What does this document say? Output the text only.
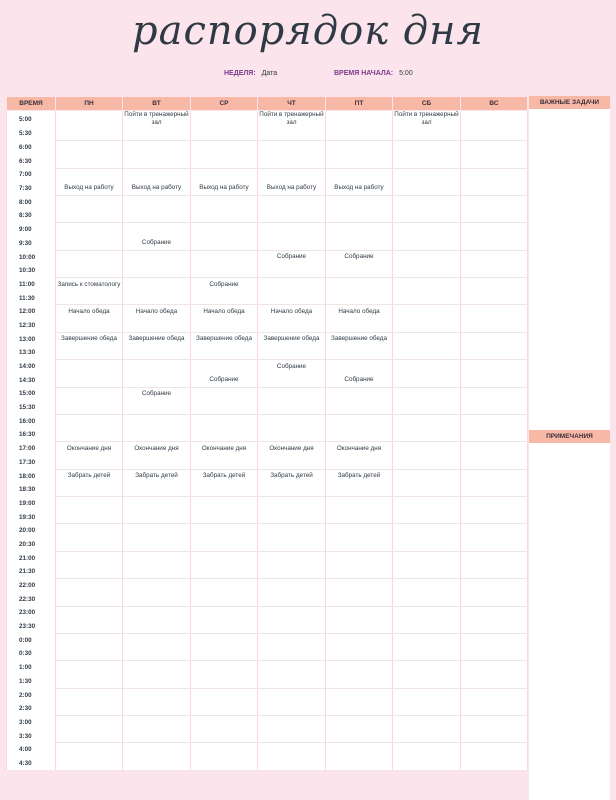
распорядок дня
НЕДЕЛЯ: Дата	ВРЕМЯ НАЧАЛА: 5:00
ВРЕМЯ	ПН	ВТ	СР	ЧТ	ПТ	СБ	ВС
5:00		Пойти в тренажерный зал		Пойти в тренажерный зал		Пойти в тренажерный зал	

5:30							
6:00							
6:30							
7:00							
7:30	Выход на работу	Выход на работу	Выход на работу	Выход на работу	Выход на работу		

8:00							
8:30							
9:00							
9:30		Собрание					

10:00				Собрание	Собрание		

10:30							
11:00	Запись к стоматологу		Собрание				

11:30							
12:00	Начало обеда	Начало обеда	Начало обеда	Начало обеда	Начало обеда		

12:30							
13:00	Завершение обеда	Завершение обеда	Завершение обеда	Завершение обеда	Завершение обеда		

13:30							
14:00				Собрание			

14:30			Собрание		Собрание		

15:00		Собрание					

15:30							
16:00							
16:30							
17:00	Окончание дня	Окончание дня	Окончание дня	Окончание дня	Окончание дня		

17:30							
18:00	Забрать детей	Забрать детей	Забрать детей	Забрать детей	Забрать детей		

18:30							
19:00							
19:30							
20:00							
20:30							
21:00							
21:30							
22:00							
22:30							
23:00							
23:30							
0:00							
0:30							
1:00							
1:30							
2:00							
2:30							
3:00							
3:30							
4:00							
4:30							
ВАЖНЫЕ ЗАДАЧИ
ПРИМЕЧАНИЯ
